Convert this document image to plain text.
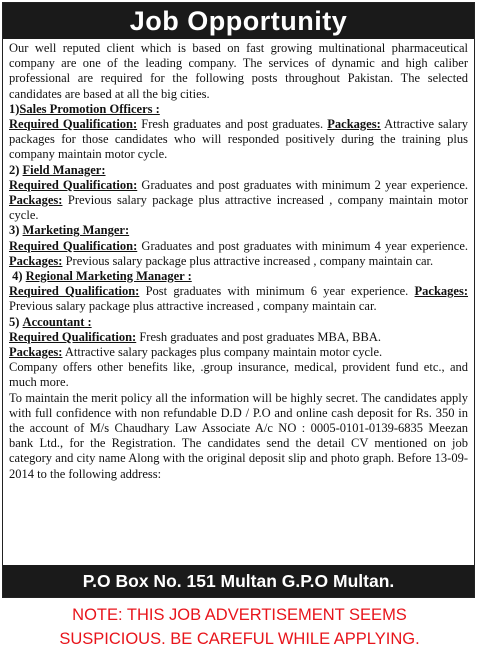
Job Opportunity

Our well reputed client which is based on fast growing multinational pharmaceutical company are one of the leading company. The services of dynamic and high caliber professional are required for the following posts throughout Pakistan. The selected candidates are based at all the big cities.

1)Sales Promotion Officers :

Required Qualification: Fresh graduates and post graduates. Packages: Attractive salary packages for those candidates who will responded positively during the training plus company maintain motor cycle.

2) Field Manager:

Required Qualification: Graduates and post graduates with minimum 2 year experience. Packages: Previous salary package plus attractive increased , company maintain motor cycle.

3) Marketing Manger:

Required Qualification: Graduates and post graduates with minimum 4 year experience. Packages: Previous salary package plus attractive increased , company maintain car.

4) Regional Marketing Manager :

Required Qualification: Post graduates with minimum 6 year experience. Packages: Previous salary package plus attractive increased , company maintain car.

5) Accountant :

Required Qualification: Fresh graduates and post graduates MBA, BBA.

Packages: Attractive salary packages plus company maintain motor cycle.

Company offers other benefits like, .group insurance, medical, provident fund etc., and much more.

To maintain the merit policy all the information will be highly secret. The candidates apply with full confidence with non refundable D.D / P.O and online cash deposit for Rs. 350 in the account of M/s Chaudhary Law Associate A/c NO : 0005-0101-0139-6835 Meezan bank Ltd., for the Registration. The candidates send the detail CV mentioned on job category and city name Along with the original deposit slip and photo graph. Before 13-09-2014 to the following address:

P.O Box No. 151 Multan G.P.O Multan.
NOTE: THIS JOB ADVERTISEMENT SEEMS
SUSPICIOUS. BE CAREFUL WHILE APPLYING.
